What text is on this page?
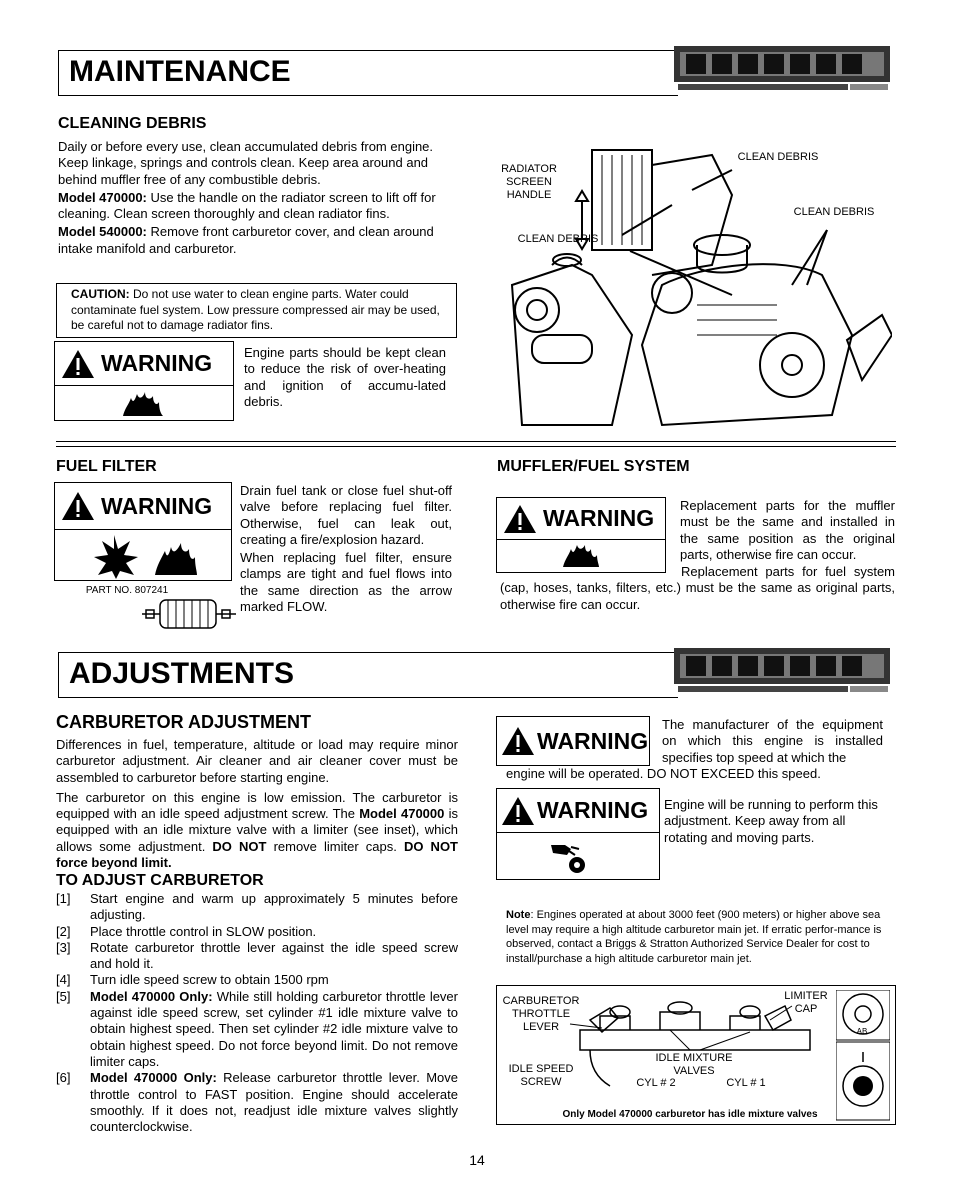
MAINTENANCE
CLEANING DEBRIS

Daily or before every use, clean accumulated debris from engine. Keep linkage, springs and controls clean. Keep area around and behind muffler free of any combustible debris.

Model 470000: Use the handle on the radiator screen to lift off for cleaning. Clean screen thoroughly and clean radiator fins.

Model 540000: Remove front carburetor cover, and clean around intake manifold and carburetor.

CAUTION: Do not use water to clean engine parts. Water could contaminate fuel system. Low pressure compressed air may be used, be careful not to damage radiator fins.
WARNING Engine parts should be kept clean to reduce the risk of over-heating and ignition of accumu-lated debris.
RADIATOR SCREEN HANDLE
CLEAN DEBRIS
CLEAN DEBRIS
CLEAN DEBRIS
FUEL FILTER
WARNING
PART NO. 807241

Drain fuel tank or close fuel shut-off valve before replacing fuel filter. Otherwise, fuel can leak out, creating a fire/explosion hazard.

When replacing fuel filter, ensure clamps are tight and fuel flows into the same direction as the arrow marked FLOW.

MUFFLER/FUEL SYSTEM
WARNING Replacement parts for the muffler must be the same and installed in the same position as the original parts, otherwise fire can occur.
Replacement parts for fuel system (cap, hoses, tanks, filters, etc.) must be the same as original parts, otherwise fire can occur.
ADJUSTMENTS
CARBURETOR ADJUSTMENT

Differences in fuel, temperature, altitude or load may require minor carburetor adjustment. Air cleaner and air cleaner cover must be assembled to carburetor before starting engine.

The carburetor on this engine is low emission. The carburetor is equipped with an idle speed adjustment screw. The Model 470000 is equipped with an idle mixture valve with a limiter (see inset), which allows some adjustment. DO NOT remove limiter caps. DO NOT force beyond limit.

TO ADJUST CARBURETOR
[1]	Start engine and warm up approximately 5 minutes before adjusting.
[2]	Place throttle control in SLOW position.
[3]	Rotate carburetor throttle lever against the idle speed screw and hold it.
[4]	Turn idle speed screw to obtain 1500 rpm
[5]	Model 470000 Only: While still holding carburetor throttle lever against idle speed screw, set cylinder #1 idle mixture valve to obtain highest speed. Then set cylinder #2 idle mixture valve to obtain highest speed. Do not force beyond limit. Do not remove limiter caps.
[6]	Model 470000 Only: Release carburetor throttle lever. Move throttle control to FAST position. Engine should accelerate smoothly. If it does not, readjust idle mixture valves slightly counterclockwise.
WARNING
The manufacturer of the equipment on which this engine is installed specifies top speed at which the
engine will be operated. DO NOT EXCEED this speed.
WARNING Engine will be running to perform this adjustment. Keep away from all rotating and moving parts.
Note: Engines operated at about 3000 feet (900 meters) or higher above sea level may require a high altitude carburetor main jet. If erratic perfor-mance is observed, contact a Briggs & Stratton Authorized Service Dealer for cost to install/purchase a high altitude carburetor main jet.
AB
CARBURETOR THROTTLE LEVER
LIMITER CAP
IDLE SPEED SCREW
IDLE MIXTURE VALVES
CYL # 2	CYL # 1
Only Model 470000 carburetor has idle mixture valves
14
